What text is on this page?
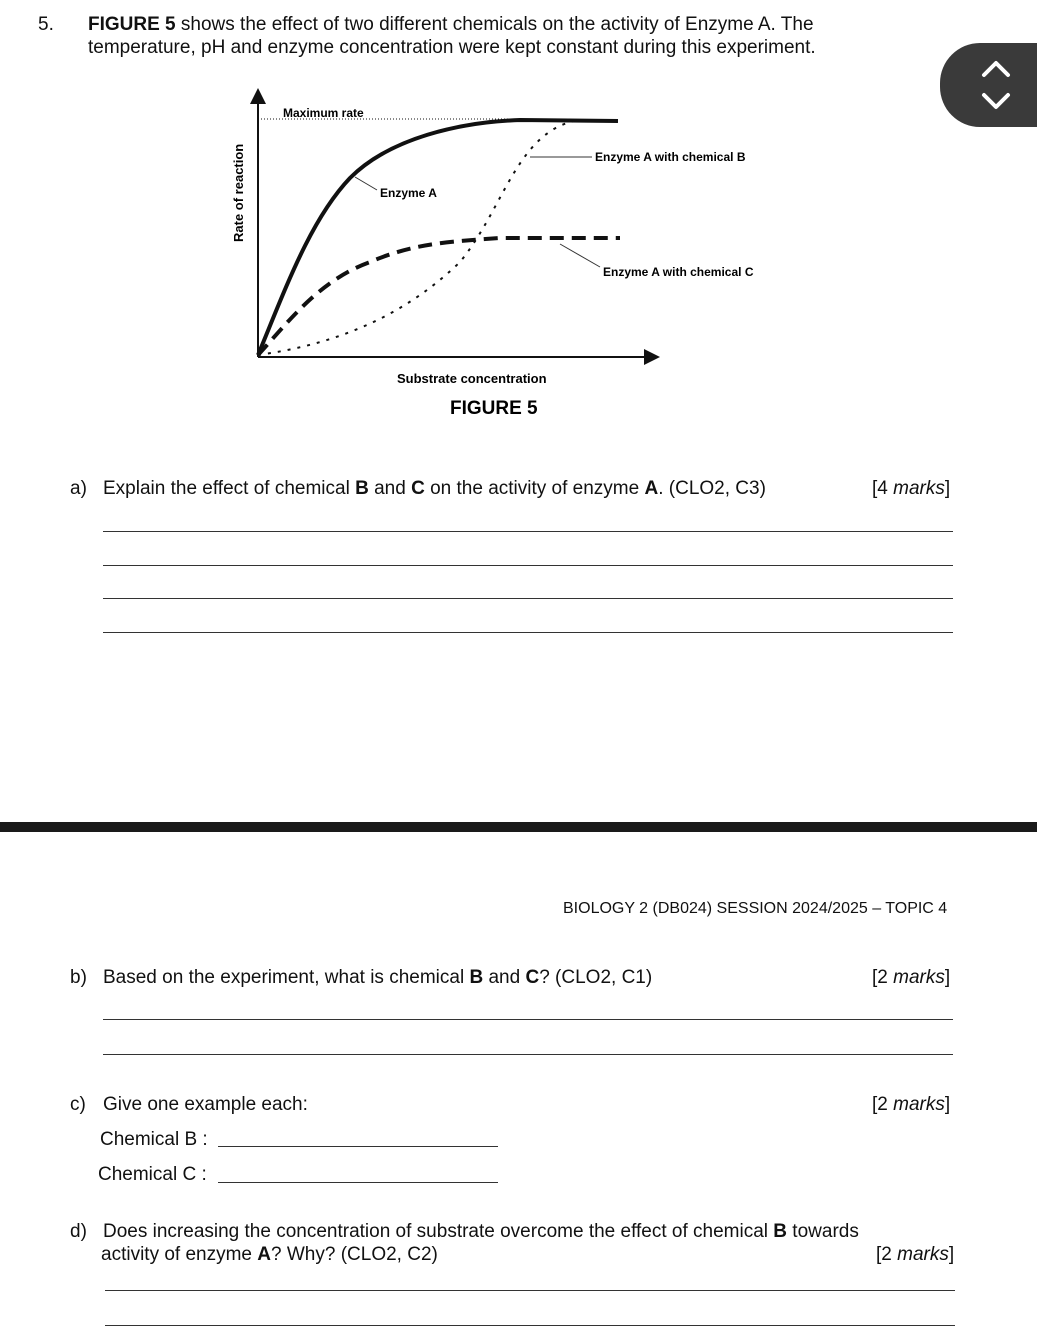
5. FIGURE 5 shows the effect of two different chemicals on the activity of Enzyme A. The
temperature, pH and enzyme concentration were kept constant during this experiment.
Maximum rate
Rate of reaction
Substrate concentration
Enzyme A
Enzyme A with chemical B
Enzyme A with chemical C
FIGURE 5
a) Explain the effect of chemical B and C on the activity of enzyme A. (CLO2, C3)	[4 marks]
BIOLOGY 2 (DB024) SESSION 2024/2025 – TOPIC 4
b) Based on the experiment, what is chemical B and C? (CLO2, C1)	[2 marks]
c) Give one example each:	[2 marks]
Chemical B :
Chemical C :
d) Does increasing the concentration of substrate overcome the effect of chemical B towards
activity of enzyme A? Why? (CLO2, C2)	[2 marks]
